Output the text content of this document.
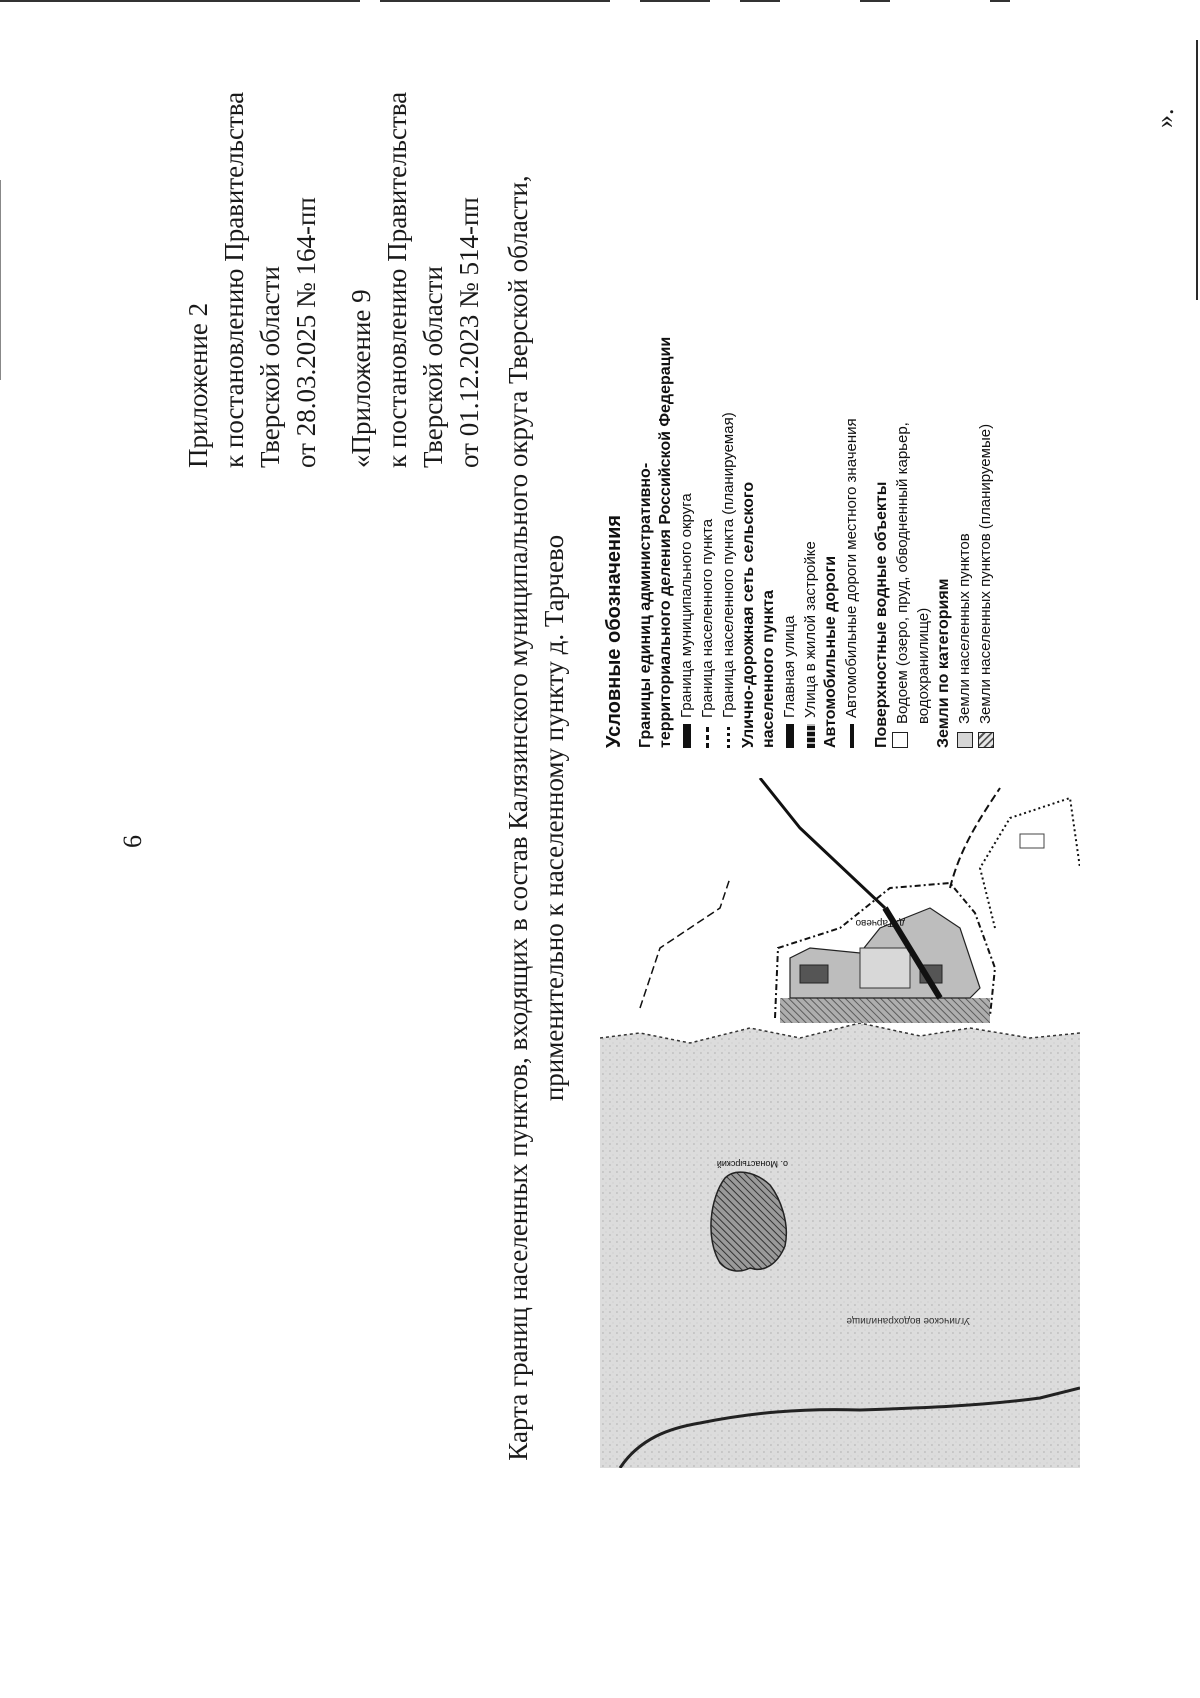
6
Приложение 2 к постановлению Правительства Тверской области от 28.03.2025 № 164-пп «Приложение 9 к постановлению Правительства Тверской области от 01.12.2023 № 514-пп Карта границ населенных пунктов, входящих в состав Калязинского муниципального округа Тверской области, применительно к населенному пункту д. Тарчево	д. Тарчево
Угличское водохранилище
о. Монастырский
Условные обозначения Границы единиц административно- территориального деления Российской Федерации Граница муниципального округа Граница населенного пункта Граница населенного пункта (планируемая) Улично-дорожная сеть сельского населенного пункта Главная улица Улица в жилой застройке Автомобильные дороги Автомобильные дороги местного значения Поверхностные водные объекты Водоем (озеро, пруд, обводненный карьер, водохранилище) Земли по категориям Земли населенных пунктов Земли населенных пунктов (планируемые)
».
